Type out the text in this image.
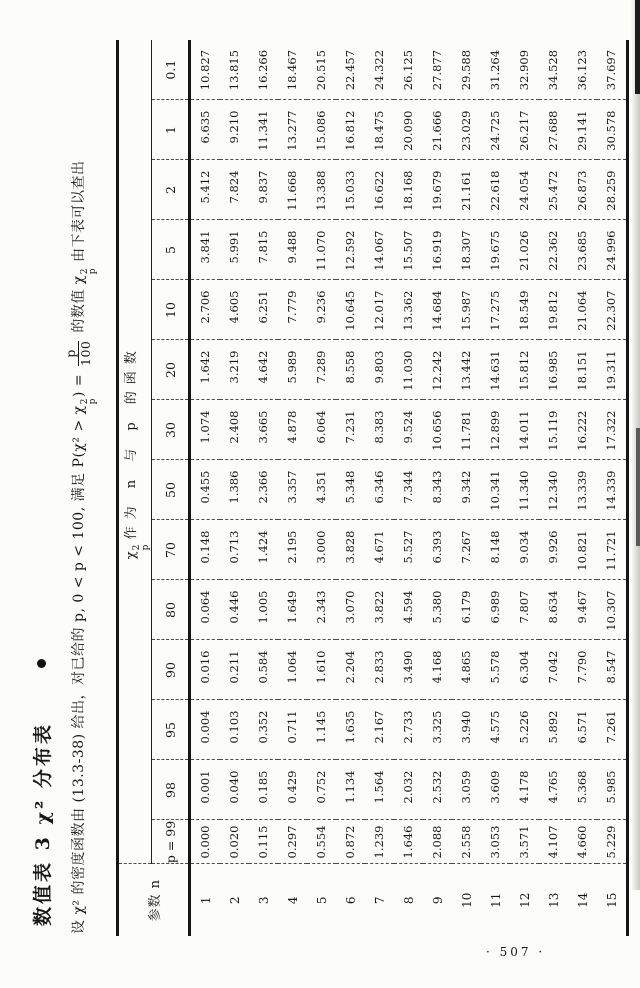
数值表 3 χ² 分布表	设 χ² 的密度函数由 (13.3-38) 给出，对已给的 p, 0 < p < 100, 满足 P(χ² > χ
2
p
) =
p 100
的数值 χ
2
p
由下表可以查出

参数 n	χ
2
p
作为 n 与 p 的函数													
	p = 99	98	95	90	80	70	50	30	20	10	5	2	1	0.1
1	0.000	0.001	0.004	0.016	0.064	0.148	0.455	1.074	1.642	2.706	3.841	5.412	6.635	10.827
2	0.020	0.040	0.103	0.211	0.446	0.713	1.386	2.408	3.219	4.605	5.991	7.824	9.210	13.815
3	0.115	0.185	0.352	0.584	1.005	1.424	2.366	3.665	4.642	6.251	7.815	9.837	11.341	16.266
4	0.297	0.429	0.711	1.064	1.649	2.195	3.357	4.878	5.989	7.779	9.488	11.668	13.277	18.467
5	0.554	0.752	1.145	1.610	2.343	3.000	4.351	6.064	7.289	9.236	11.070	13.388	15.086	20.515
6	0.872	1.134	1.635	2.204	3.070	3.828	5.348	7.231	8.558	10.645	12.592	15.033	16.812	22.457
7	1.239	1.564	2.167	2.833	3.822	4.671	6.346	8.383	9.803	12.017	14.067	16.622	18.475	24.322
8	1.646	2.032	2.733	3.490	4.594	5.527	7.344	9.524	11.030	13.362	15.507	18.168	20.090	26.125
9	2.088	2.532	3.325	4.168	5.380	6.393	8.343	10.656	12.242	14.684	16.919	19.679	21.666	27.877
10	2.558	3.059	3.940	4.865	6.179	7.267	9.342	11.781	13.442	15.987	18.307	21.161	23.029	29.588
11	3.053	3.609	4.575	5.578	6.989	8.148	10.341	12.899	14.631	17.275	19.675	22.618	24.725	31.264
12	3.571	4.178	5.226	6.304	7.807	9.034	11.340	14.011	15.812	18.549	21.026	24.054	26.217	32.909
13	4.107	4.765	5.892	7.042	8.634	9.926	12.340	15.119	16.985	19.812	22.362	25.472	27.688	34.528
14	4.660	5.368	6.571	7.790	9.467	10.821	13.339	16.222	18.151	21.064	23.685	26.873	29.141	36.123
15	5.229	5.985	7.261	8.547	10.307	11.721	14.339	17.322	19.311	22.307	24.996	28.259	30.578	37.697
· 507 ·
